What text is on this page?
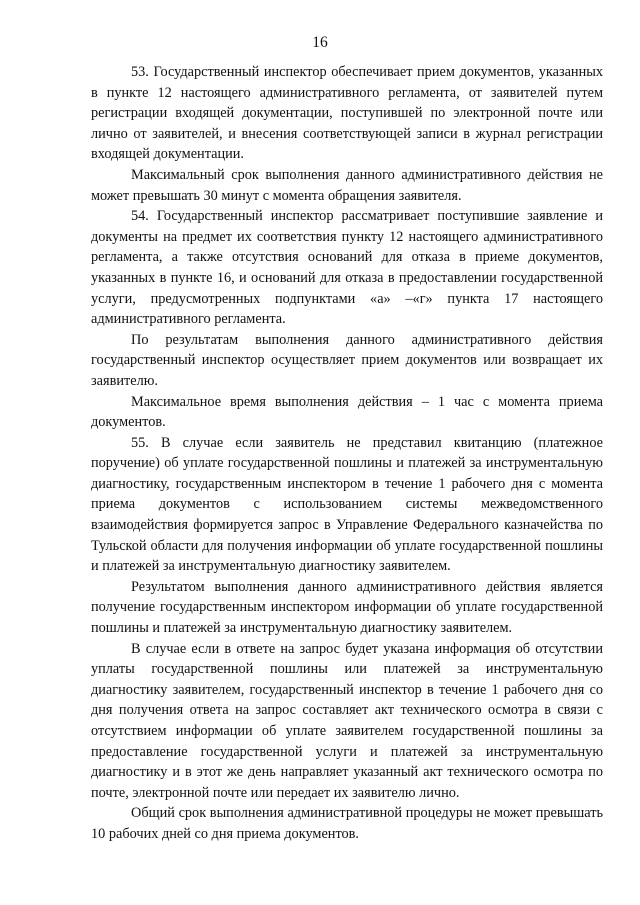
16

53. Государственный инспектор обеспечивает прием документов, указанных в пункте 12 настоящего административного регламента, от заявителей путем регистрации входящей документации, поступившей по электронной почте или лично от заявителей, и внесения соответствующей записи в журнал регистрации входящей документации.

Максимальный срок выполнения данного административного действия не может превышать 30 минут с момента обращения заявителя.

54. Государственный инспектор рассматривает поступившие заявление и документы на предмет их соответствия пункту 12 настоящего административного регламента, а также отсутствия оснований для отказа в приеме документов, указанных в пункте 16, и оснований для отказа в предоставлении государственной услуги, предусмотренных подпунктами «а» –«г» пункта 17 настоящего административного регламента.

По результатам выполнения данного административного действия государственный инспектор осуществляет прием документов или возвращает их заявителю.

Максимальное время выполнения действия – 1 час с момента приема документов.

55. В случае если заявитель не представил квитанцию (платежное поручение) об уплате государственной пошлины и платежей за инструментальную диагностику, государственным инспектором в течение 1 рабочего дня с момента приема документов с использованием системы межведомственного взаимодействия формируется запрос в Управление Федерального казначейства по Тульской области для получения информации об уплате государственной пошлины и платежей за инструментальную диагностику заявителем.

Результатом выполнения данного административного действия является получение государственным инспектором информации об уплате государственной пошлины и платежей за инструментальную диагностику заявителем.

В случае если в ответе на запрос будет указана информация об отсутствии уплаты государственной пошлины или платежей за инструментальную диагностику заявителем, государственный инспектор в течение 1 рабочего дня со дня получения ответа на запрос составляет акт технического осмотра в связи с отсутствием информации об уплате заявителем государственной пошлины за предоставление государственной услуги и платежей за инструментальную диагностику и в этот же день направляет указанный акт технического осмотра по почте, электронной почте или передает их заявителю лично.

Общий срок выполнения административной процедуры не может превышать 10 рабочих дней со дня приема документов.
